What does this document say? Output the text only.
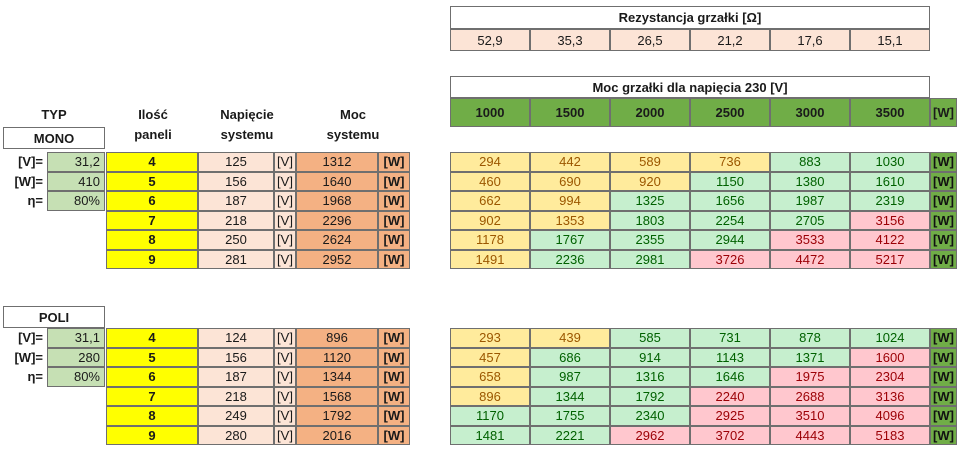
Rezystancja grzałki [Ω]
52,9	35,3	26,5	21,2	17,6	15,1
Moc grzałki dla napięcia 230 [V]
1000	1500	2000	2500	3000	3500	[W]
TYP	Ilość
paneli
Napięcie
systemu
Moc
systemu
MONO
[V]=	31,2
[W]=	410
η=	80%
4	125	[V]	1312	[W]	294	442	589	736	883	1030	[W]
5	156	[V]	1640	[W]	460	690	920	1150	1380	1610	[W]
6	187	[V]	1968	[W]	662	994	1325	1656	1987	2319	[W]
7	218	[V]	2296	[W]	902	1353	1803	2254	2705	3156	[W]
8	250	[V]	2624	[W]	1178	1767	2355	2944	3533	4122	[W]
9	281	[V]	2952	[W]	1491	2236	2981	3726	4472	5217	[W]
POLI
[V]=	31,1
[W]=	280
η=	80%
4	124	[V]	896	[W]	293	439	585	731	878	1024	[W]
5	156	[V]	1120	[W]	457	686	914	1143	1371	1600	[W]
6	187	[V]	1344	[W]	658	987	1316	1646	1975	2304	[W]
7	218	[V]	1568	[W]	896	1344	1792	2240	2688	3136	[W]
8	249	[V]	1792	[W]	1170	1755	2340	2925	3510	4096	[W]
9	280	[V]	2016	[W]	1481	2221	2962	3702	4443	5183	[W]
